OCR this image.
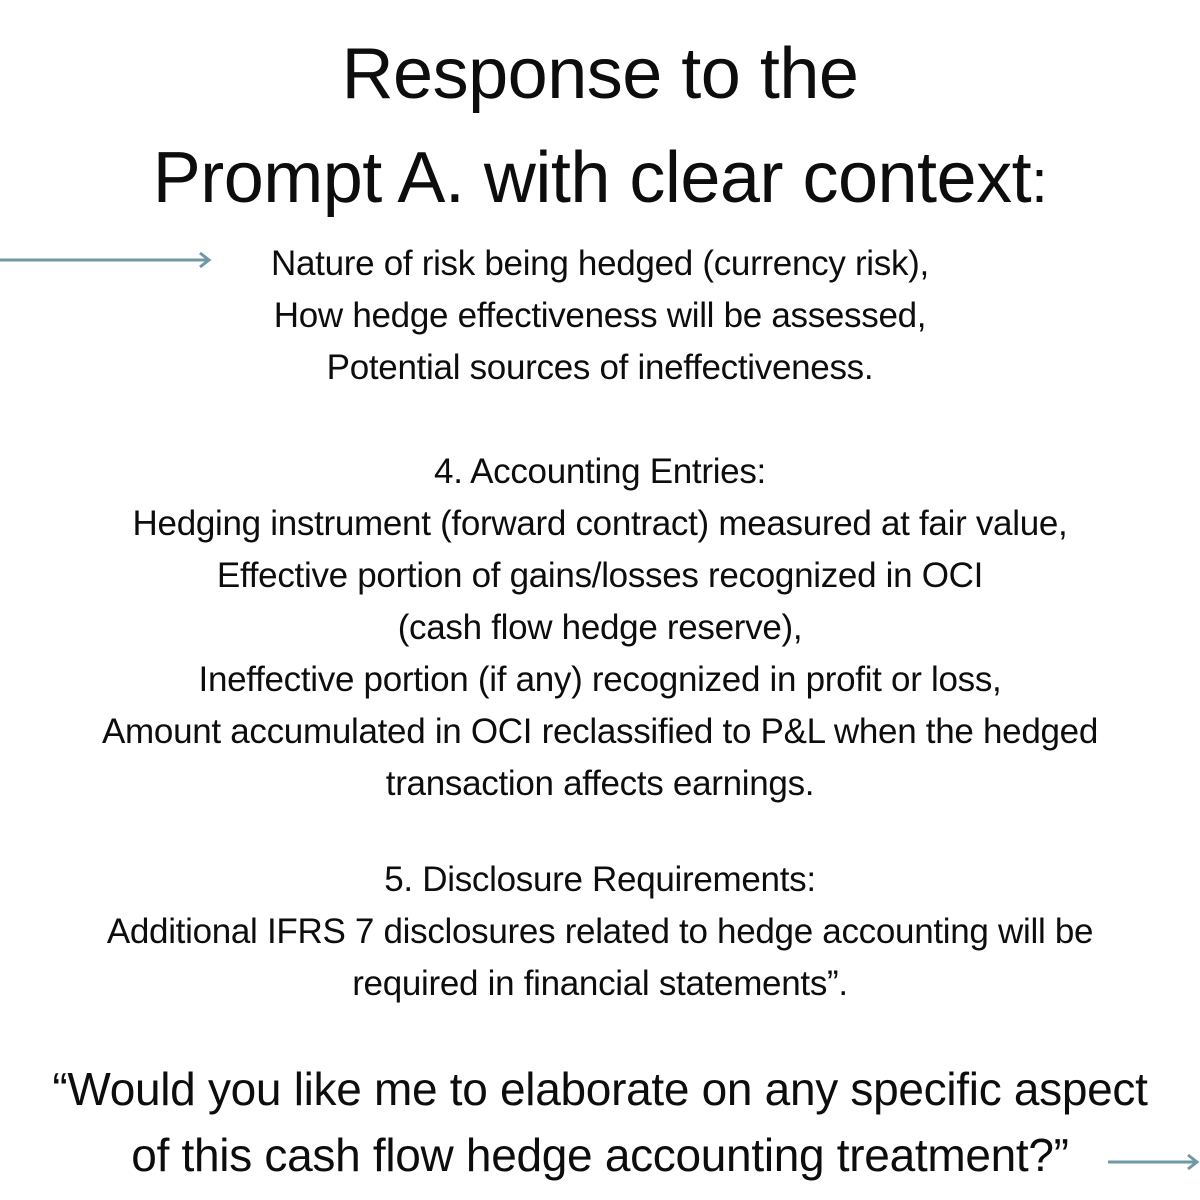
Response to the
Prompt A. with clear context:
Nature of risk being hedged (currency risk),
How hedge effectiveness will be assessed,
Potential sources of ineffectiveness.
4. Accounting Entries:
Hedging instrument (forward contract) measured at fair value,
Effective portion of gains/losses recognized in OCI
(cash flow hedge reserve),
Ineffective portion (if any) recognized in profit or loss,
Amount accumulated in OCI reclassified to P&L when the hedged
transaction affects earnings.
5. Disclosure Requirements:
Additional IFRS 7 disclosures related to hedge accounting will be
required in financial statements”.
“Would you like me to elaborate on any specific aspect
of this cash flow hedge accounting treatment?”
